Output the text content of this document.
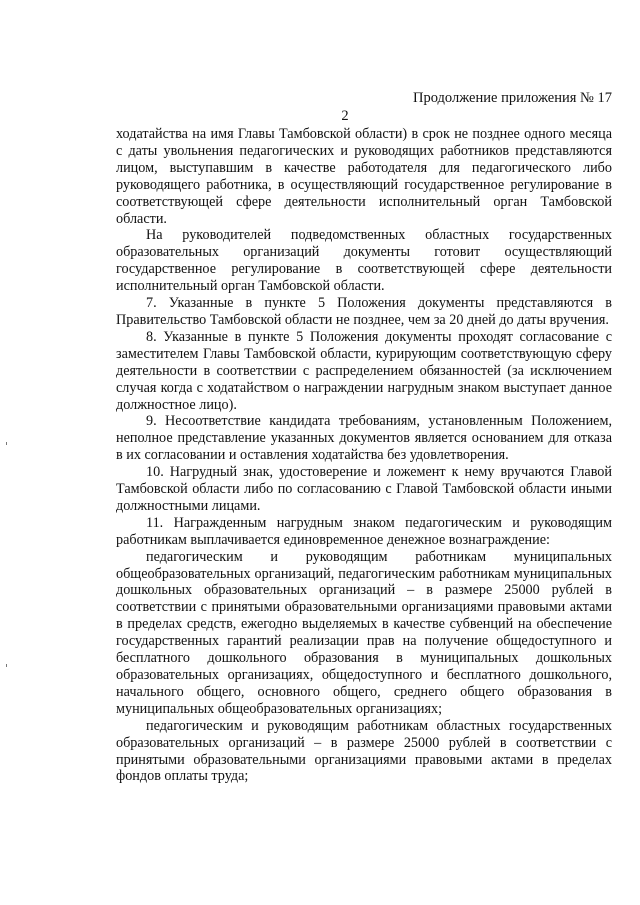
Продолжение приложения № 17
2

ходатайства на имя Главы Тамбовской области) в срок не позднее одного месяца с даты увольнения педагогических и руководящих работников представляются лицом, выступавшим в качестве работодателя для педагогического либо руководящего работника, в осуществляющий государственное регулирование в соответствующей сфере деятельности исполнительный орган Тамбовской области.

На руководителей подведомственных областных государственных образовательных организаций документы готовит осуществляющий государственное регулирование в соответствующей сфере деятельности исполнительный орган Тамбовской области.

7. Указанные в пункте 5 Положения документы представляются в Правительство Тамбовской области не позднее, чем за 20 дней до даты вручения.

8. Указанные в пункте 5 Положения документы проходят согласование с заместителем Главы Тамбовской области, курирующим соответствующую сферу деятельности в соответствии с распределением обязанностей (за исключением случая когда с ходатайством о награждении нагрудным знаком выступает данное должностное лицо).

9. Несоответствие кандидата требованиям, установленным Положением, неполное представление указанных документов является основанием для отказа в их согласовании и оставления ходатайства без удовлетворения.

10. Нагрудный знак, удостоверение и ложемент к нему вручаются Главой Тамбовской области либо по согласованию с Главой Тамбовской области иными должностными лицами.

11. Награжденным нагрудным знаком педагогическим и руководящим работникам выплачивается единовременное денежное вознаграждение:

педагогическим и руководящим работникам муниципальных общеобразовательных организаций, педагогическим работникам муниципальных дошкольных образовательных организаций – в размере 25000 рублей в соответствии с принятыми образовательными организациями правовыми актами в пределах средств, ежегодно выделяемых в качестве субвенций на обеспечение государственных гарантий реализации прав на получение общедоступного и бесплатного дошкольного образования в муниципальных дошкольных образовательных организациях, общедоступного и бесплатного дошкольного, начального общего, основного общего, среднего общего образования в муниципальных общеобразовательных организациях;

педагогическим и руководящим работникам областных государственных образовательных организаций – в размере 25000 рублей в соответствии с принятыми образовательными организациями правовыми актами в пределах фондов оплаты труда;
